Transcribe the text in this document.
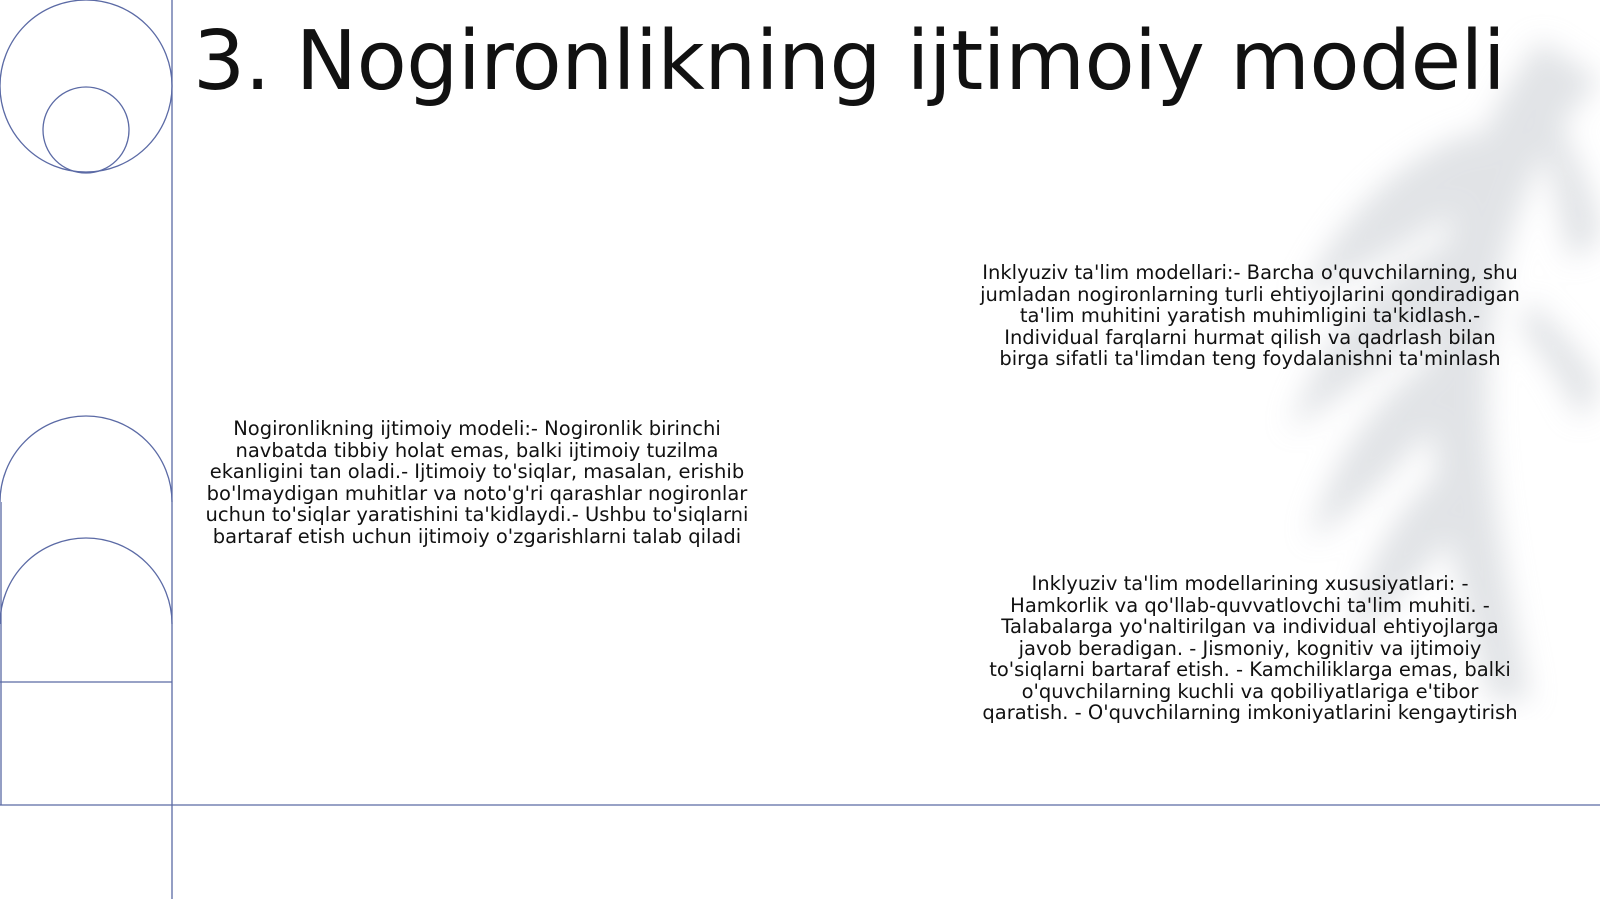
3. Nogironlikning ijtimoiy modeli

Nogironlikning ijtimoiy modeli:- Nogironlik birinchi navbatda tibbiy holat emas, balki ijtimoiy tuzilma ekanligini tan oladi.- Ijtimoiy to'siqlar, masalan, erishib bo'lmaydigan muhitlar va noto'g'ri qarashlar nogironlar uchun to'siqlar yaratishini ta'kidlaydi.- Ushbu to'siqlarni bartaraf etish uchun ijtimoiy o'zgarishlarni talab qiladi

Inklyuziv ta'lim modellari:- Barcha o'quvchilarning, shu jumladan nogironlarning turli ehtiyojlarini qondiradigan ta'lim muhitini yaratish muhimligini ta'kidlash.- Individual farqlarni hurmat qilish va qadrlash bilan birga sifatli ta'limdan teng foydalanishni ta'minlash

Inklyuziv ta'lim modellarining xususiyatlari: - Hamkorlik va qo'llab-quvvatlovchi ta'lim muhiti. - Talabalarga yo'naltirilgan va individual ehtiyojlarga javob beradigan. - Jismoniy, kognitiv va ijtimoiy to'siqlarni bartaraf etish. - Kamchiliklarga emas, balki o'quvchilarning kuchli va qobiliyatlariga e'tibor qaratish. - O'quvchilarning imkoniyatlarini kengaytirish
